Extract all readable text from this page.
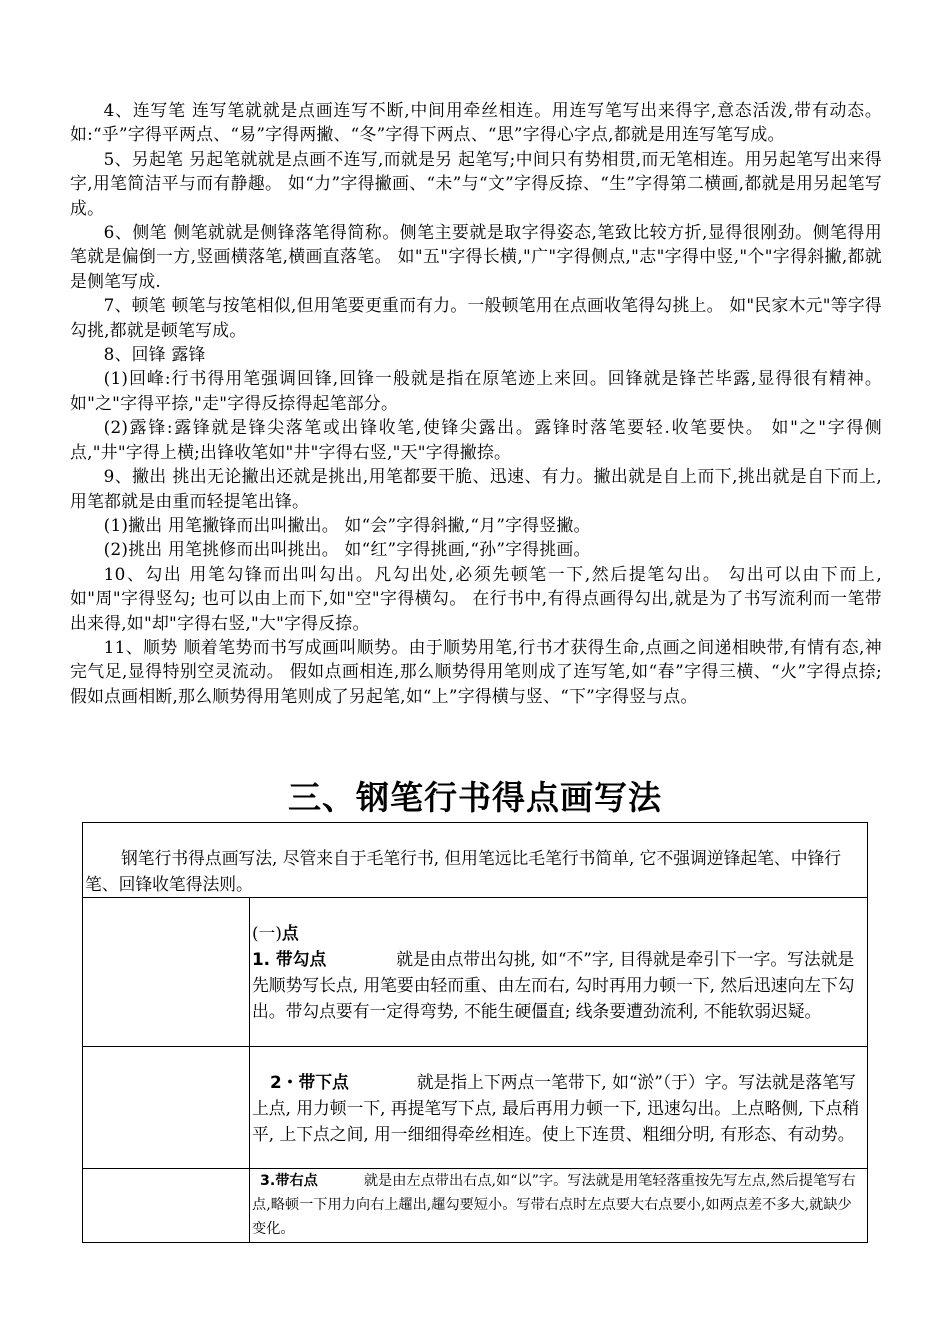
4、连写笔 连写笔就就是点画连写不断,中间用牵丝相连。用连写笔写出来得字,意态活泼,带有动态。 如:“乎”字得平两点、“易”字得两撇、“冬”字得下两点、“思”字得心字点,都就是用连写笔写成。

5、另起笔 另起笔就就是点画不连写,而就是另 起笔写;中间只有势相贯,而无笔相连。用另起笔写出来得字,用笔简洁平与而有静趣。 如“力”字得撇画、“未”与“文”字得反捺、“生”字得第二横画,都就是用另起笔写成。

6、侧笔 侧笔就就是侧锋落笔得简称。侧笔主要就是取字得姿态,笔致比较方折,显得很刚劲。侧笔得用笔就是偏倒一方,竖画横落笔,横画直落笔。 如"五"字得长横,"广"字得侧点,"志"字得中竖,"个"字得斜撇,都就是侧笔写成.

7、顿笔 顿笔与按笔相似,但用笔要更重而有力。一般顿笔用在点画收笔得勾挑上。 如"民家木元"等字得勾挑,都就是顿笔写成。

8、回锋 露锋

(1)回峰:行书得用笔强调回锋,回锋一般就是指在原笔迹上来回。回锋就是锋芒毕露,显得很有精神。 如"之"字得平捺,"走"字得反捺得起笔部分。

(2)露锋:露锋就是锋尖落笔或出锋收笔,使锋尖露出。露锋时落笔要轻.收笔要快。 如"之"字得侧点,"井"字得上横;出锋收笔如"井"字得右竖,"天"字得撇捺。

9、撇出 挑出无论撇出还就是挑出,用笔都要干脆、迅速、有力。撇出就是自上而下,挑出就是自下而上,用笔都就是由重而轻提笔出锋。

(1)撇出 用笔撇锋而出叫撇出。 如“会”字得斜撇,“月”字得竖撇。

(2)挑出 用笔挑修而出叫挑出。 如“红”字得挑画,“孙”字得挑画。

10、勾出 用笔勾锋而出叫勾出。凡勾出处,必须先顿笔一下,然后提笔勾出。 勾出可以由下而上,如"周"字得竖勾; 也可以由上而下,如"空"字得横勾。 在行书中,有得点画得勾出,就是为了书写流利而一笔带出来得,如"却"字得右竖,"大"字得反捺。

11、顺势 顺着笔势而书写成画叫顺势。由于顺势用笔,行书才获得生命,点画之间递相映带,有情有态,神完气足,显得特别空灵流动。 假如点画相连,那么顺势得用笔则成了连写笔,如“春”字得三横、“火”字得点捺; 假如点画相断,那么顺势得用笔则成了另起笔,如“上”字得横与竖、“下”字得竖与点。

三、钢笔行书得点画写法
钢笔行书得点画写法, 尽管来自于毛笔行书, 但用笔远比毛笔行书简单, 它不强调逆锋起笔、中锋行笔、回锋收笔得法则。	

	(一)点
1. 带勾点 就是由点带出勾挑, 如“不”字, 目得就是牵引下一字。写法就是先顺势写长点, 用笔要由轻而重、由左而右, 勾时再用力顿一下, 然后迅速向左下勾出。带勾点要有一定得弯势, 不能生硬僵直; 线条要遭劲流利, 不能软弱迟疑。

	2・带下点 就是指上下两点一笔带下, 如“淤”（于）字。写法就是落笔写上点, 用力顿一下, 再提笔写下点, 最后再用力顿一下, 迅速勾出。上点略侧, 下点稍平, 上下点之间, 用一细细得牵丝相连。使上下连贯、粗细分明, 有形态、有动势。

	3.带右点 就是由左点带出右点,如“以”字。写法就是用笔轻落重按先写左点,然后提笔写右点,略顿一下用力向右上趯出,趯勾要短小。写带右点时左点要大右点要小,如两点差不多大,就缺少变化。
